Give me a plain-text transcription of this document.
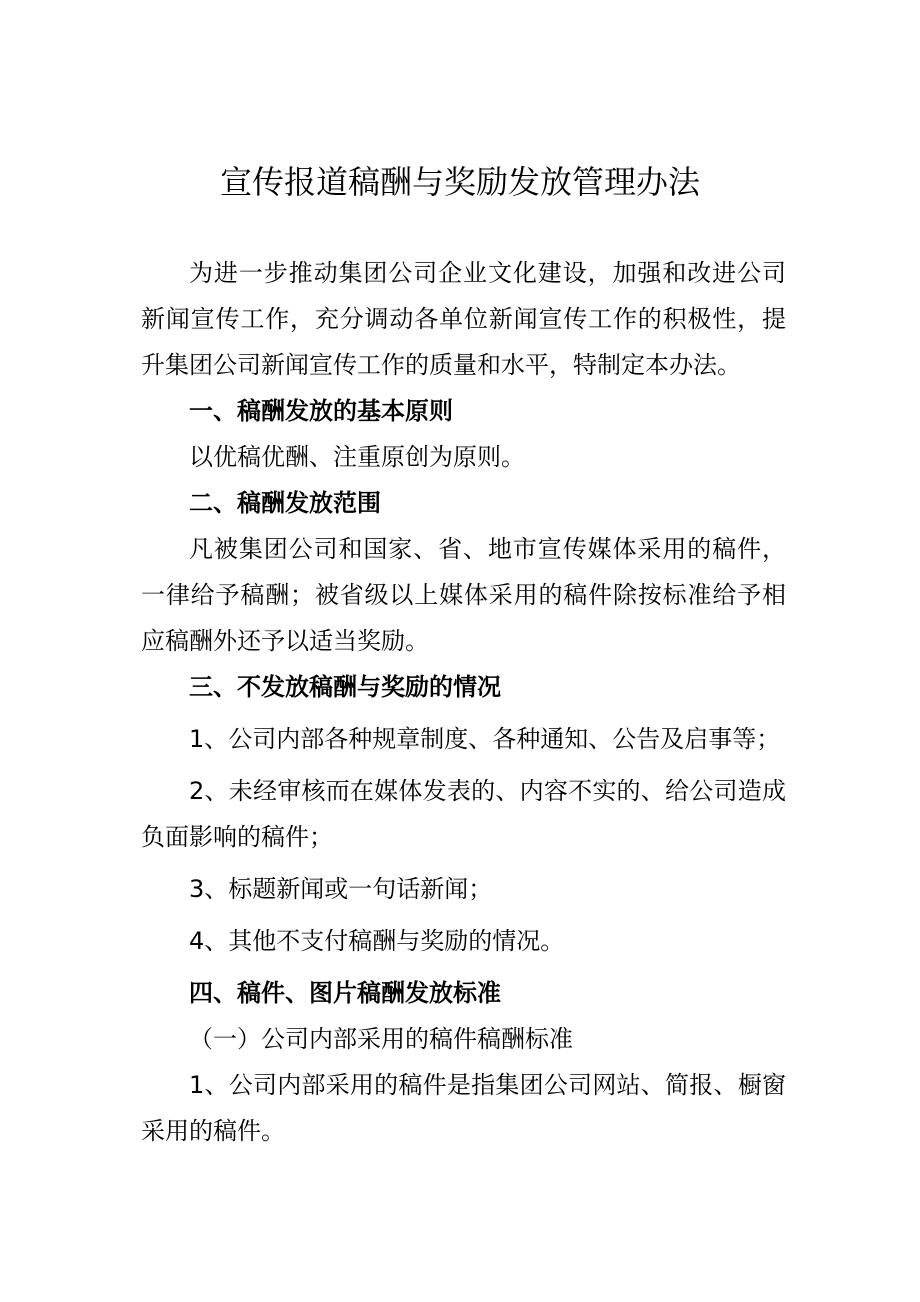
宣传报道稿酬与奖励发放管理办法

为进一步推动集团公司企业文化建设，加强和改进公司新闻宣传工作，充分调动各单位新闻宣传工作的积极性，提升集团公司新闻宣传工作的质量和水平，特制定本办法。

一、稿酬发放的基本原则

以优稿优酬、注重原创为原则。

二、稿酬发放范围

凡被集团公司和国家、省、地市宣传媒体采用的稿件，一律给予稿酬；被省级以上媒体采用的稿件除按标准给予相应稿酬外还予以适当奖励。

三、不发放稿酬与奖励的情况

1、公司内部各种规章制度、各种通知、公告及启事等；

2、未经审核而在媒体发表的、内容不实的、给公司造成负面影响的稿件；

3、标题新闻或一句话新闻；

4、其他不支付稿酬与奖励的情况。

四、稿件、图片稿酬发放标准

（一）公司内部采用的稿件稿酬标准

1、公司内部采用的稿件是指集团公司网站、简报、橱窗采用的稿件。
